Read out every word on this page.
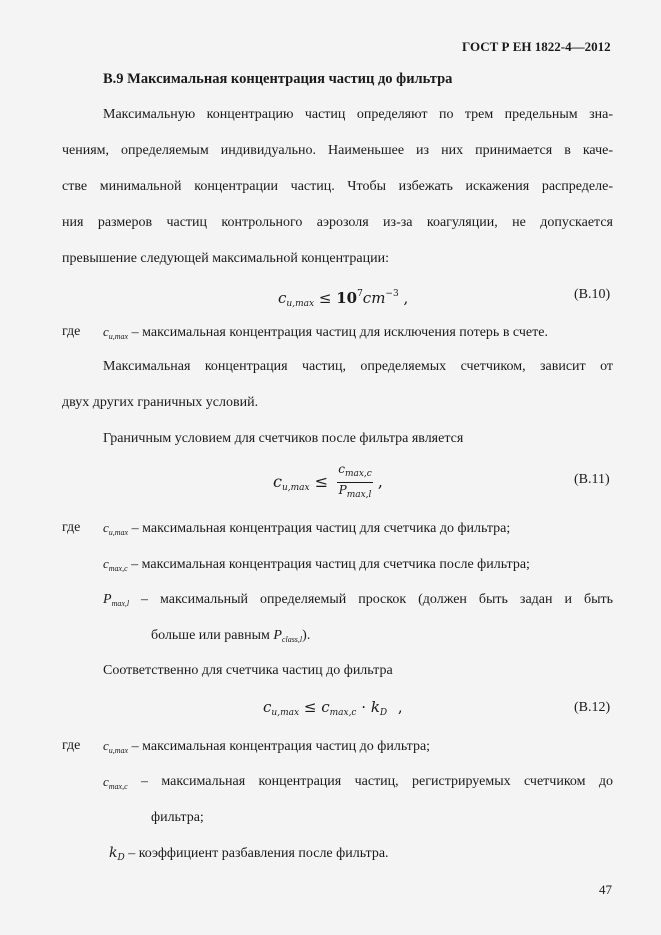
ГОСТ Р ЕН 1822-4—2012
В.9 Максимальная концентрация частиц до фильтра
Максимальную концентрацию частиц определяют по трем предельным зна-
чениям, определяемым индивидуально. Наименьшее из них принимается в каче-
стве минимальной концентрации частиц. Чтобы избежать искажения распределе-
ния размеров частиц контрольного аэрозоля из-за коагуляции, не допускается
превышение следующей максимальной концентрации:
$c_{u,max} \le 10^7cm^{-3}$ ,	(B.10)
где $c_{u,max}$ – максимальная концентрация частиц для исключения потерь в счете.
Максимальная концентрация частиц, определяемых счетчиком, зависит от
двух других граничных условий.
Граничным условием для счетчиков после фильтра является
$c_{u,max} \le \frac{c_{max,c}}{P_{max,l}}$ ,	(B.11)
где $c_{u,max}$ – максимальная концентрация частиц для счетчика до фильтра;
$c_{max,c}$ – максимальная концентрация частиц для счетчика после фильтра;
$P_{max,l}$ – максимальный определяемый проскок (должен быть задан и быть
больше или равным $P_{class,l}$).
Соответственно для счетчика частиц до фильтра
$c_{u,max} \le c_{max,c} \cdot k_D$ ,	(B.12)
где $c_{u,max}$ – максимальная концентрация частиц до фильтра;
$c_{max,c}$ – максимальная концентрация частиц, регистрируемых счетчиком до
фильтра;
$k_D$ – коэффициент разбавления после фильтра.
47
